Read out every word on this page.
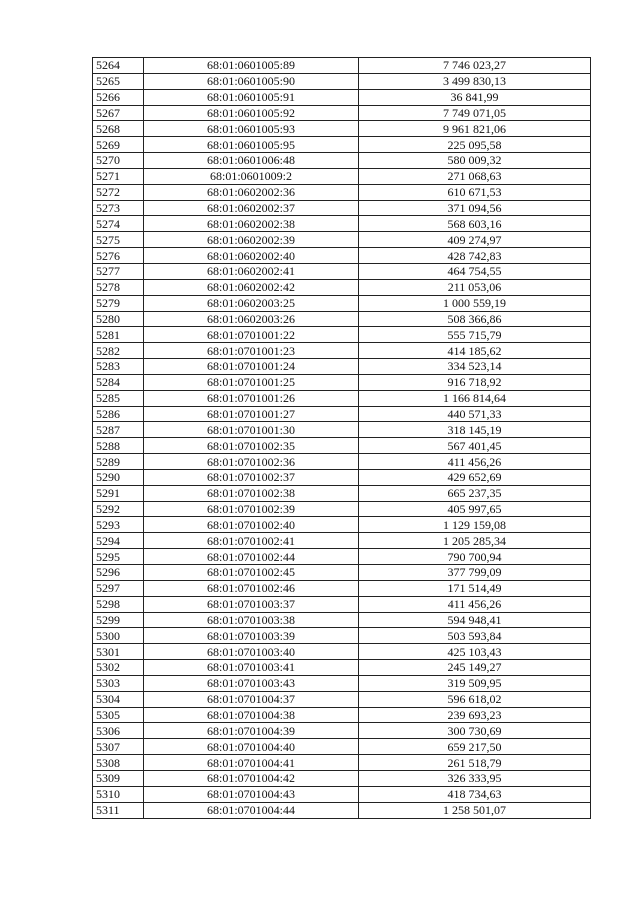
5264	68:01:0601005:89	7 746 023,27
5265	68:01:0601005:90	3 499 830,13
5266	68:01:0601005:91	36 841,99
5267	68:01:0601005:92	7 749 071,05
5268	68:01:0601005:93	9 961 821,06
5269	68:01:0601005:95	225 095,58
5270	68:01:0601006:48	580 009,32
5271	68:01:0601009:2	271 068,63
5272	68:01:0602002:36	610 671,53
5273	68:01:0602002:37	371 094,56
5274	68:01:0602002:38	568 603,16
5275	68:01:0602002:39	409 274,97
5276	68:01:0602002:40	428 742,83
5277	68:01:0602002:41	464 754,55
5278	68:01:0602002:42	211 053,06
5279	68:01:0602003:25	1 000 559,19
5280	68:01:0602003:26	508 366,86
5281	68:01:0701001:22	555 715,79
5282	68:01:0701001:23	414 185,62
5283	68:01:0701001:24	334 523,14
5284	68:01:0701001:25	916 718,92
5285	68:01:0701001:26	1 166 814,64
5286	68:01:0701001:27	440 571,33
5287	68:01:0701001:30	318 145,19
5288	68:01:0701002:35	567 401,45
5289	68:01:0701002:36	411 456,26
5290	68:01:0701002:37	429 652,69
5291	68:01:0701002:38	665 237,35
5292	68:01:0701002:39	405 997,65
5293	68:01:0701002:40	1 129 159,08
5294	68:01:0701002:41	1 205 285,34
5295	68:01:0701002:44	790 700,94
5296	68:01:0701002:45	377 799,09
5297	68:01:0701002:46	171 514,49
5298	68:01:0701003:37	411 456,26
5299	68:01:0701003:38	594 948,41
5300	68:01:0701003:39	503 593,84
5301	68:01:0701003:40	425 103,43
5302	68:01:0701003:41	245 149,27
5303	68:01:0701003:43	319 509,95
5304	68:01:0701004:37	596 618,02
5305	68:01:0701004:38	239 693,23
5306	68:01:0701004:39	300 730,69
5307	68:01:0701004:40	659 217,50
5308	68:01:0701004:41	261 518,79
5309	68:01:0701004:42	326 333,95
5310	68:01:0701004:43	418 734,63
5311	68:01:0701004:44	1 258 501,07
